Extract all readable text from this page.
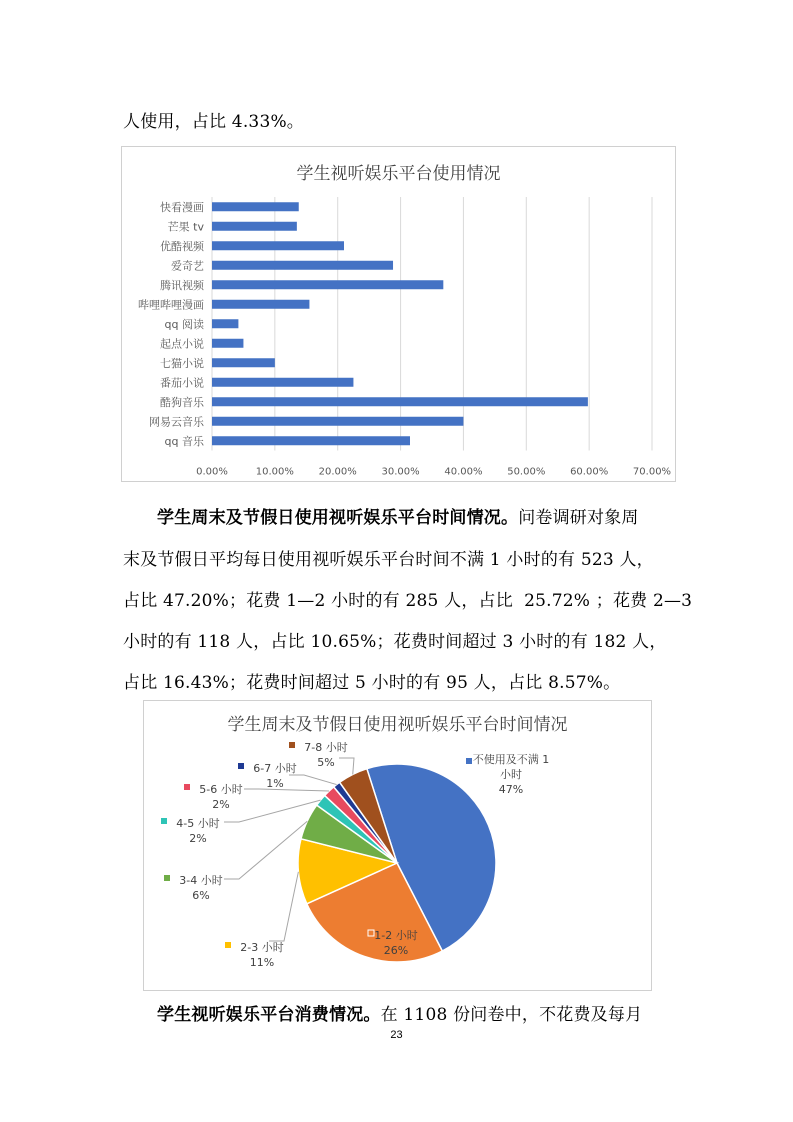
人使用，占比 4.33%。
学生视听娱乐平台使用情况
0.00%	10.00% 20.00% 30.00% 40.00% 50.00% 60.00% 70.00%
快看漫画
芒果 tv
优酷视频
爱奇艺
腾讯视频
哔哩哔哩漫画
qq 阅读
起点小说
七猫小说
番茄小说
酷狗音乐
网易云音乐
qq 音乐
学生周末及节假日使用视听娱乐平台时间情况。问卷调研对象周
末及节假日平均每日使用视听娱乐平台时间不满 1 小时的有 523 人，
占比 47.20%；花费 1—2 小时的有 285 人，占比  25.72% ；花费 2—3
小时的有 118 人，占比 10.65%；花费时间超过 3 小时的有 182 人，
占比 16.43%；花费时间超过 5 小时的有 95 人，占比 8.57%。
学生周末及节假日使用视听娱乐平台时间情况
不使用及不满 1
小时
47%
1-2 小时
26%
2-3 小时
11%
3-4 小时
6%
4-5 小时
2%
5-6 小时
2%
6-7 小时
1%
7-8 小时
5%
学生视听娱乐平台消费情况。在 1108 份问卷中，不花费及每月
23
